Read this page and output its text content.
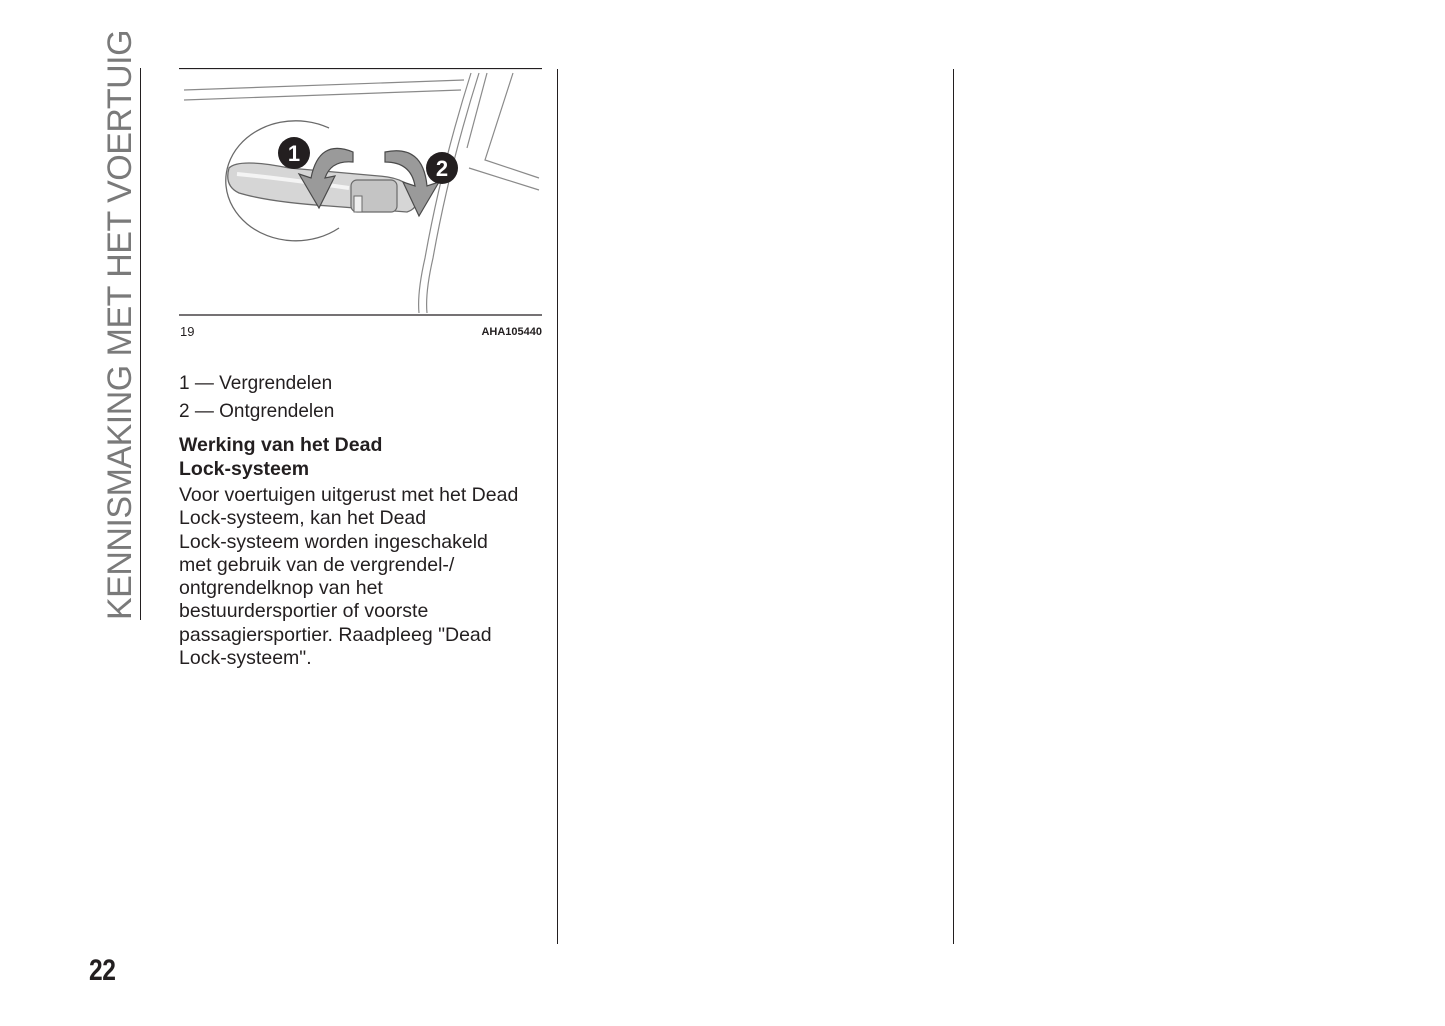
KENNISMAKING MET HET VOERTUIG	1
2
19	AHA105440
1 — Vergrendelen
2 — Ontgrendelen
Werking van het Dead
Lock-systeem
Voor voertuigen uitgerust met het Dead
Lock-systeem, kan het Dead
Lock-systeem worden ingeschakeld
met gebruik van de vergrendel-/
ontgrendelknop van het
bestuurdersportier of voorste
passagiersportier. Raadpleeg "Dead
Lock-systeem".
22
